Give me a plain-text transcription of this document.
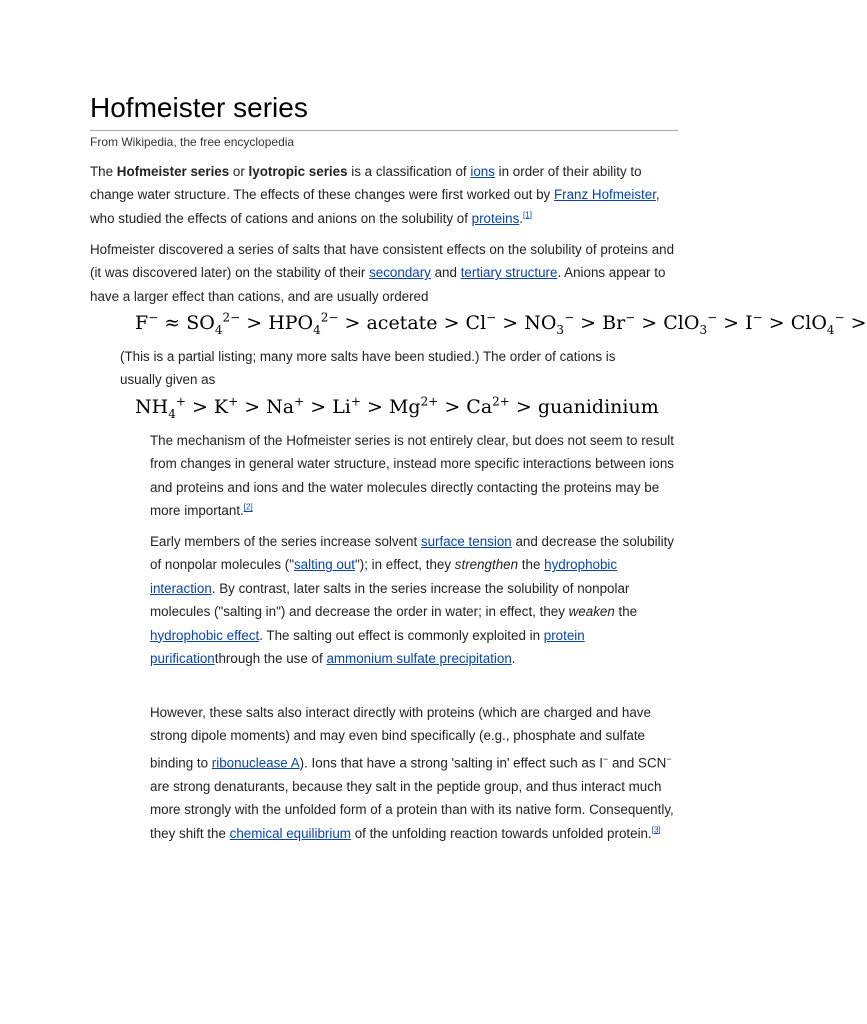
Hofmeister series
From Wikipedia, the free encyclopedia

The Hofmeister series or lyotropic series is a classification of ions in order of their ability to change water structure. The effects of these changes were first worked out by Franz Hofmeister, who studied the effects of cations and anions on the solubility of proteins.[1]

Hofmeister discovered a series of salts that have consistent effects on the solubility of proteins and (it was discovered later) on the stability of their secondary and tertiary structure. Anions appear to have a larger effect than cations, and are usually ordered

$F^- \approx SO_4^{2-} > HPO_4^{2-}$ > acetate > $Cl^- > NO_3^- > Br^- > ClO_3^- > I^- > ClO_4^-$ >

(This is a partial listing; many more salts have been studied.) The order of cations is usually given as

$NH_4^+ > K^+ > Na^+ > Li^+ > Mg^{2+} > Ca^{2+}$ > guanidinium

The mechanism of the Hofmeister series is not entirely clear, but does not seem to result from changes in general water structure, instead more specific interactions between ions and proteins and ions and the water molecules directly contacting the proteins may be more important.[2]

Early members of the series increase solvent surface tension and decrease the solubility of nonpolar molecules ("salting out"); in effect, they strengthen the hydrophobic interaction. By contrast, later salts in the series increase the solubility of nonpolar molecules ("salting in") and decrease the order in water; in effect, they weaken the hydrophobic effect. The salting out effect is commonly exploited in protein purificationthrough the use of ammonium sulfate precipitation.

However, these salts also interact directly with proteins (which are charged and have strong dipole moments) and may even bind specifically (e.g., phosphate and sulfate binding to ribonuclease A). Ions that have a strong 'salting in' effect such as I− and SCN− are strong denaturants, because they salt in the peptide group, and thus interact much more strongly with the unfolded form of a protein than with its native form. Consequently, they shift the chemical equilibrium of the unfolding reaction towards unfolded protein.[3]
